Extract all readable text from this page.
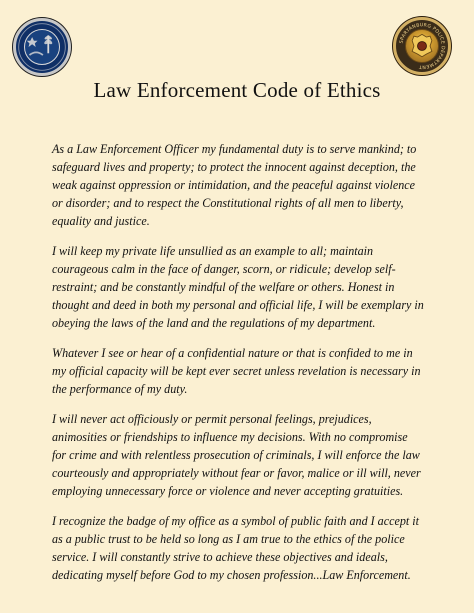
SPARTANBURG POLICE DEPARTMENT
Law Enforcement Code of Ethics

As a Law Enforcement Officer my fundamental duty is to serve mankind; to safeguard lives and property; to protect the innocent against deception, the weak against oppression or intimidation, and the peaceful against violence or disorder; and to respect the Constitutional rights of all men to liberty, equality and justice.

I will keep my private life unsullied as an example to all; maintain courageous calm in the face of danger, scorn, or ridicule; develop self-restraint; and be constantly mindful of the welfare or others. Honest in thought and deed in both my personal and official life, I will be exemplary in obeying the laws of the land and the regulations of my department.

Whatever I see or hear of a confidential nature or that is confided to me in my official capacity will be kept ever secret unless revelation is necessary in the performance of my duty.

I will never act officiously or permit personal feelings, prejudices, animosities or friendships to influence my decisions. With no compromise for crime and with relentless prosecution of criminals, I will enforce the law courteously and appropriately without fear or favor, malice or ill will, never employing unnecessary force or violence and never accepting gratuities.

I recognize the badge of my office as a symbol of public faith and I accept it as a public trust to be held so long as I am true to the ethics of the police service. I will constantly strive to achieve these objectives and ideals, dedicating myself before God to my chosen profession...Law Enforcement.
